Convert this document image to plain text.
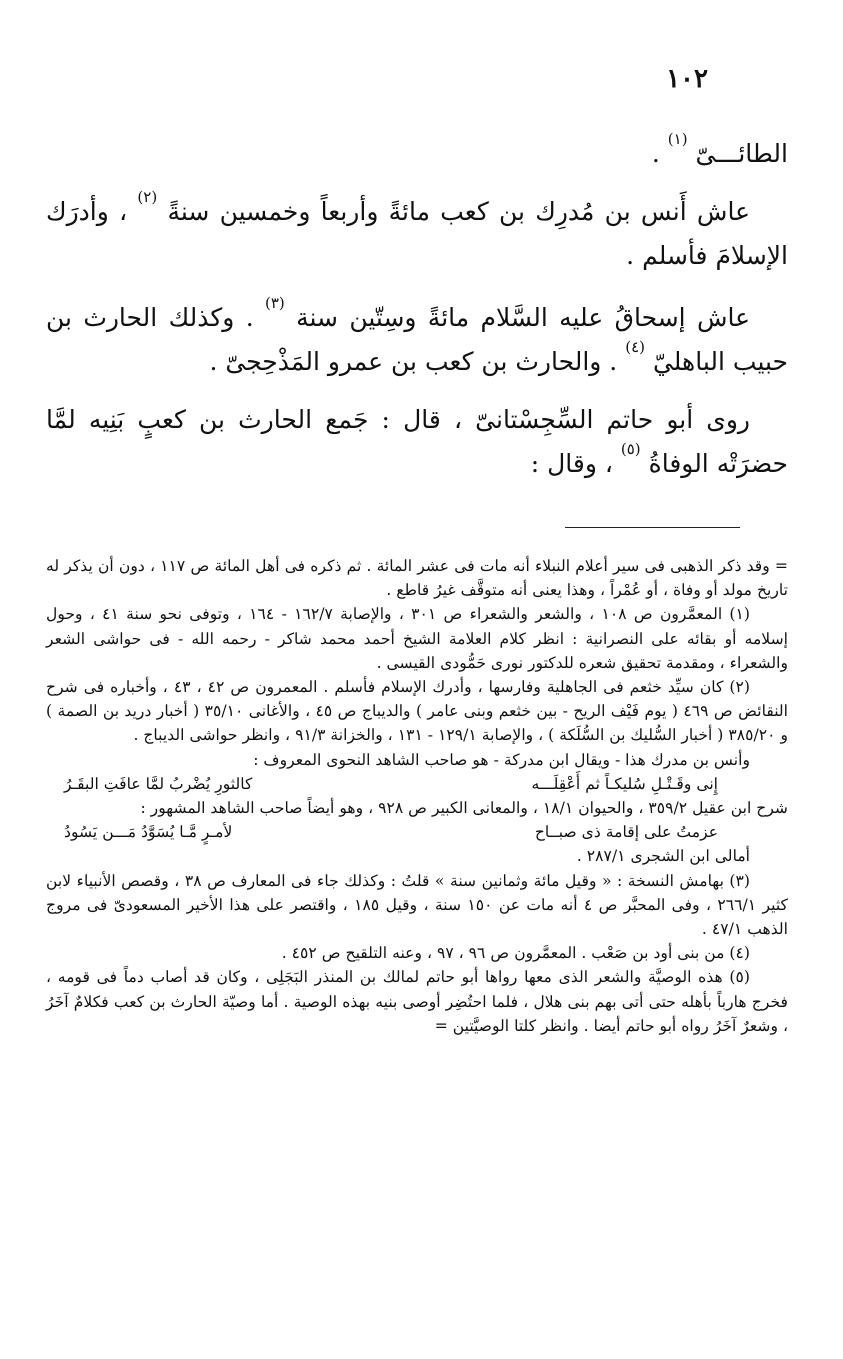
١٠٢

الطائـــىّ $^{(١)}$ .

عاش أَنس بن مُدرِك بن كعب مائةً وأربعاً وخمسين سنةً $^{(٢)}$ ، وأدرَك الإسلامَ فأسلم .

عاش إسحاقُ عليه السَّلام مائةً وسِتّين سنة $^{(٣)}$ . وكذلك الحارث بن حبيب الباهليّ $^{(٤)}$ . والحارث بن كعب بن عمرو المَذْحِجىّ .

روى أبو حاتم السِّجِسْتانىّ ، قال : جَمع الحارث بن كعبٍ بَنِيه لمَّا حضرَتْه الوفاةُ $^{(٥)}$ ، وقال :

= وقد ذكر الذهبى فى سير أعلام النبلاء أنه مات فى عشر المائة . ثم ذكره فى أهل المائة ص ١١٧ ، دون أن يذكر له تاريخ مولد أو وفاة ، أو عُمْراً ، وهذا يعنى أنه متوقَّف غيرُ قاطع .

(١) المعمَّرون ص ١٠٨ ، والشعر والشعراء ص ٣٠١ ، والإصابة ١٦٢/٧ - ١٦٤ ، وتوفى نحو سنة ٤١ ، وحول إسلامه أو بقائه على النصرانية : انظر كلام العلامة الشيخ أحمد محمد شاكر - رحمه الله - فى حواشى الشعر والشعراء ، ومقدمة تحقيق شعره للدكتور نورى حَمُّودى القيسى .

(٢) كان سيِّد خثعم فى الجاهلية وفارسها ، وأدرك الإسلام فأسلم . المعمرون ص ٤٢ ، ٤٣ ، وأخباره فى شرح النقائض ص ٤٦٩ ( يوم فَيْف الريح - بين خثعم وبنى عامر ) والديباج ص ٤٥ ، والأغانى ٣٥/١٠ ( أخبار دريد بن الصمة ) و ٣٨٥/٢٠ ( أخبار السُّليك بن السُّلَكة ) ، والإصابة ١٢٩/١ - ١٣١ ، والخزانة ٩١/٣ ، وانظر حواشى الديباج .

وأنس بن مدرك هذا - ويقال ابن مدركة - هو صاحب الشاهد النحوى المعروف :

إِنى وقَـتْـلِ سُليكـاً ثم أَعْقِلَـــه
كالثورِ يُضْربُ لمَّا عافَتِ البقَـرُ

شرح ابن عقيل ٣٥٩/٢ ، والحيوان ١٨/١ ، والمعانى الكبير ص ٩٢٨ ، وهو أيضاً صاحب الشاهد المشهور :

عزمتُ على إقامة ذى صبــاح
لأمـرٍ مَّـا يُسَوَّدُ مَـــن يَسُودُ

أمالى ابن الشجرى ٢٨٧/١ .

(٣) بهامش النسخة : « وقيل مائة وثمانين سنة » قلتُ : وكذلك جاء فى المعارف ص ٣٨ ، وقصص الأنبياء لابن كثير ٢٦٦/١ ، وفى المحبَّر ص ٤ أنه مات عن ١٥٠ سنة ، وقيل ١٨٥ ، واقتصر على هذا الأخير المسعودىّ فى مروج الذهب ٤٧/١ .

(٤) من بنى أود بن صَعْب . المعمَّرون ص ٩٦ ، ٩٧ ، وعنه التلقيح ص ٤٥٢ .

(٥) هذه الوصيَّة والشعر الذى معها رواها أبو حاتم لمالك بن المنذر البَجَلِى ، وكان قد أصاب دماً فى قومه ، فخرج هارباً بأهله حتى أتى بهم بنى هلال ، فلما احتُضِر أوصى بنيه بهذه الوصية . أما وصيّة الحارث بن كعب فكلامٌ آخَرُ ، وشعرٌ آخَرُ رواه أبو حاتم أيضا . وانظر كلتا الوصيَّتين =
